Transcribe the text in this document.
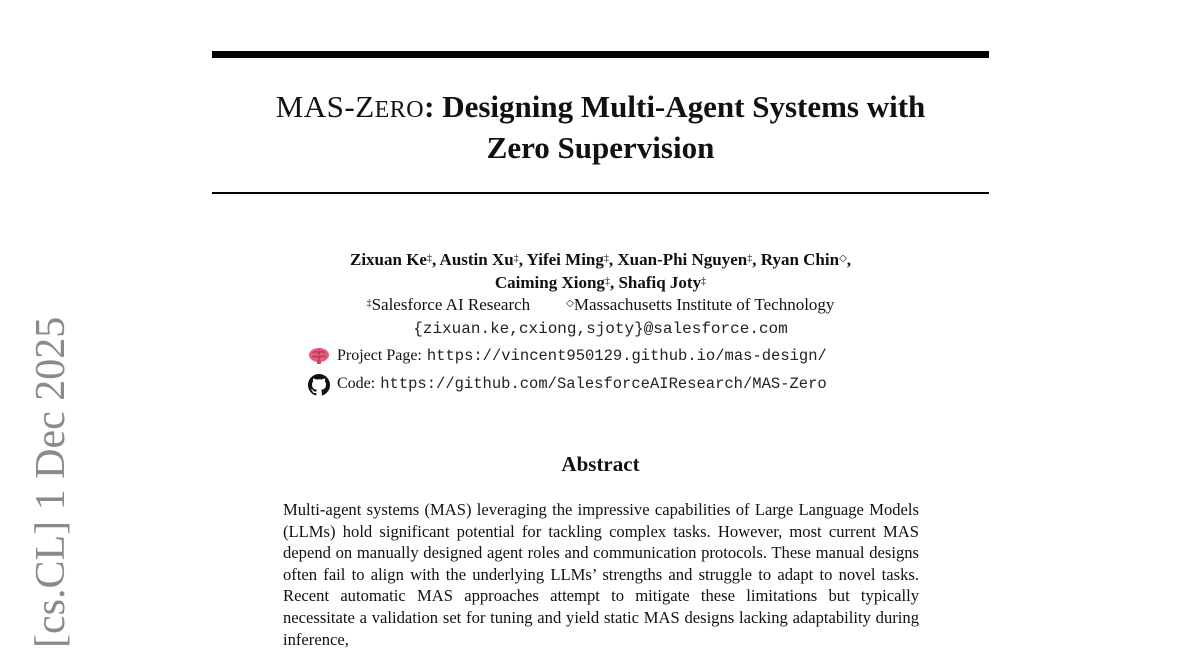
MAS-ZERO: Designing Multi-Agent Systems with
Zero Supervision
Zixuan Ke‡, Austin Xu‡, Yifei Ming‡, Xuan-Phi Nguyen‡, Ryan Chin◇,
Caiming Xiong‡, Shafiq Joty‡
‡Salesforce AI Research	◇Massachusetts Institute of Technology
{zixuan.ke,cxiong,sjoty}@salesforce.com
Project Page: https://vincent950129.github.io/mas-design/
Code: https://github.com/SalesforceAIResearch/MAS-Zero
Abstract
Multi-agent systems (MAS) leveraging the impressive capabilities of Large Language Models (LLMs) hold significant potential for tackling complex tasks. However, most current MAS depend on manually designed agent roles and communication protocols. These manual designs often fail to align with the underlying LLMs’ strengths and struggle to adapt to novel tasks. Recent automatic MAS approaches attempt to mitigate these limitations but typically necessitate a validation set for tuning and yield static MAS designs lacking adaptability during inference,
[cs.CL] 1 Dec 2025
